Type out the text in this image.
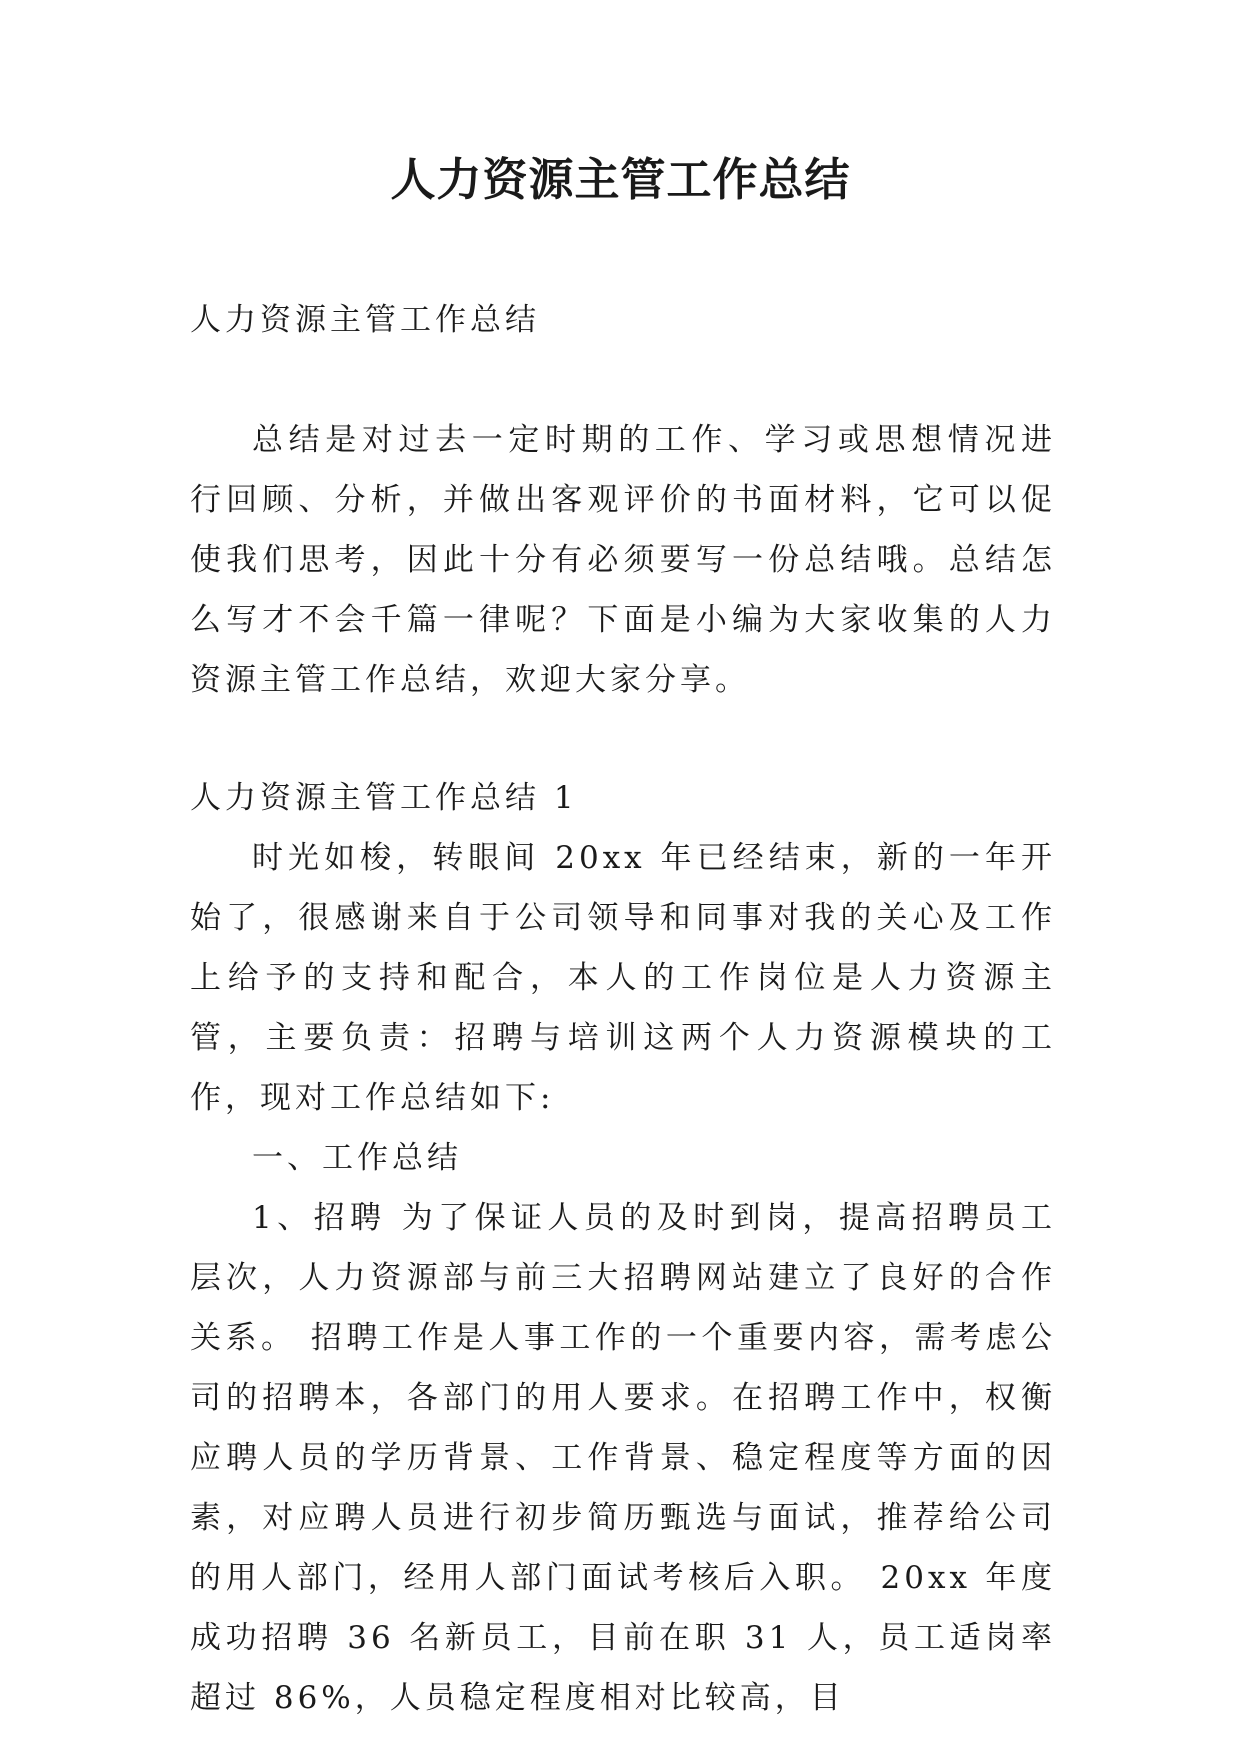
人力资源主管工作总结

人力资源主管工作总结

总结是对过去一定时期的工作、学习或思想情况进行回顾、分析，并做出客观评价的书面材料，它可以促使我们思考，因此十分有必须要写一份总结哦。总结怎么写才不会千篇一律呢？下面是小编为大家收集的人力资源主管工作总结，欢迎大家分享。

人力资源主管工作总结 1

时光如梭，转眼间 20xx 年已经结束，新的一年开始了，很感谢来自于公司领导和同事对我的关心及工作上给予的支持和配合，本人的工作岗位是人力资源主管，主要负责：招聘与培训这两个人力资源模块的工作，现对工作总结如下:

一、工作总结

1、招聘 为了保证人员的及时到岗，提高招聘员工层次，人力资源部与前三大招聘网站建立了良好的合作关系。 招聘工作是人事工作的一个重要内容，需考虑公司的招聘本，各部门的用人要求。在招聘工作中，权衡应聘人员的学历背景、工作背景、稳定程度等方面的因素，对应聘人员进行初步简历甄选与面试，推荐给公司的用人部门，经用人部门面试考核后入职。 20xx 年度成功招聘 36 名新员工，目前在职 31 人，员工适岗率超过 86%，人员稳定程度相对比较高，目
